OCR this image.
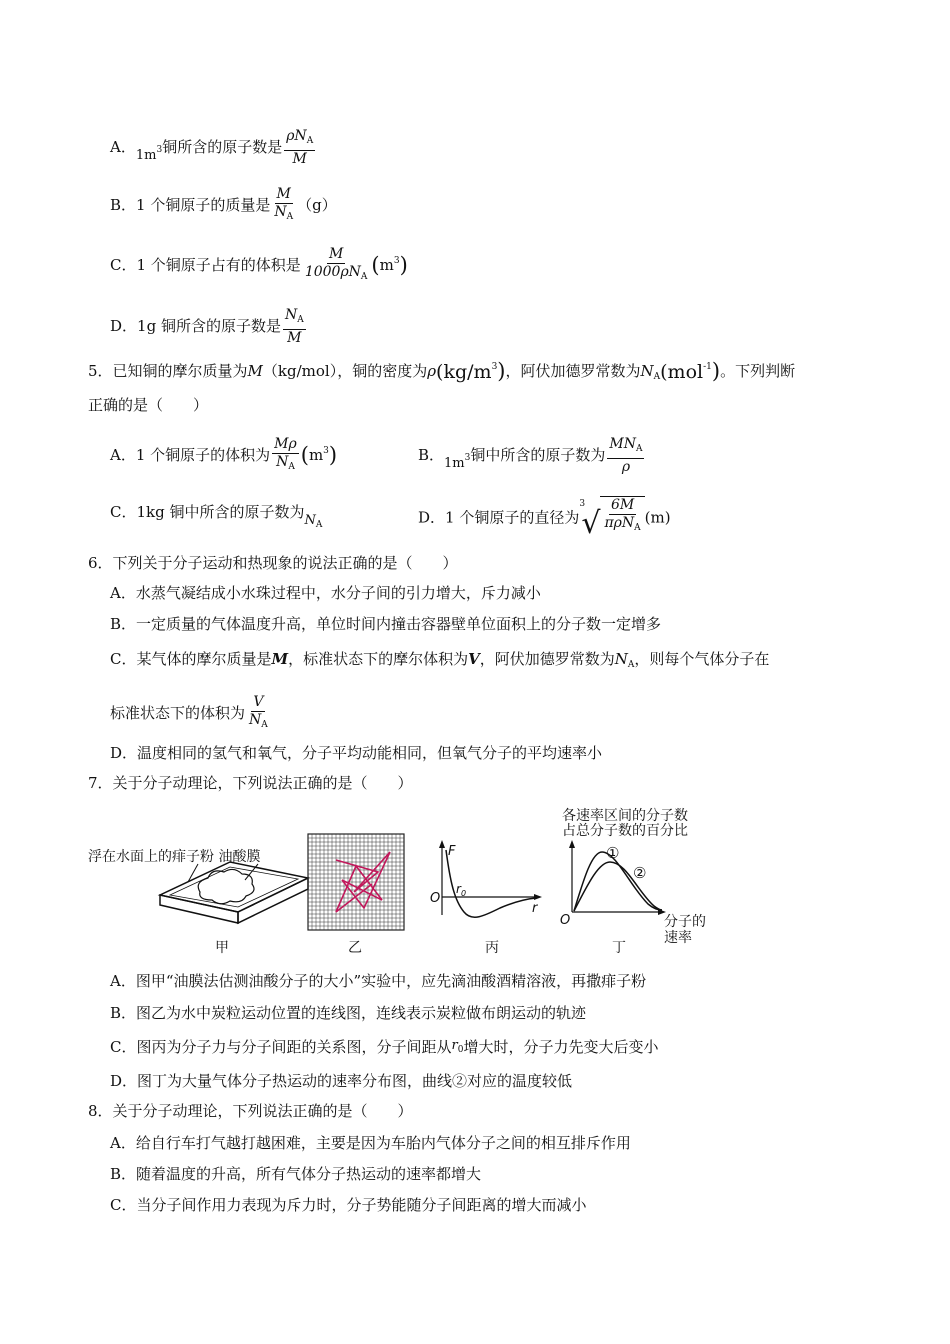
A．$1m^3$铜所含的原子数是 $\frac{\rho N_A}{M}$
B．1 个铜原子的质量是 $\frac{M}{N_A} (g)$
C．1 个铜原子占有的体积是 $\frac{M}{1000\rho N_A} (m^3)$
D．1g 铜所含的原子数是 $\frac{N_A}{M}$
5．已知铜的摩尔质量为M（kg/mol），铜的密度为$\rho(kg/m^3)$，阿伏加德罗常数为$N_A(mol^{-1})$。下列判断
正确的是（　　）
A．1 个铜原子的体积为 $\frac{M\rho}{N_A} (m^3)$	B．$1m^3$铜中所含的原子数为 $\frac{MN_A}{\rho}$
C．1kg 铜中所含的原子数为$N_A$	D．1 个铜原子的直径为
3
√ $\frac{6M}{\pi\rho N_A} (m)$
6．下列关于分子运动和热现象的说法正确的是（　　）
A．水蒸气凝结成小水珠过程中，水分子间的引力增大，斥力减小
B．一定质量的气体温度升高，单位时间内撞击容器壁单位面积上的分子数一定增多
C．某气体的摩尔质量是M，标准状态下的摩尔体积为V，阿伏加德罗常数为$N_A$，则每个气体分子在
标准状态下的体积为 $\frac{V}{N_A}$
D．温度相同的氢气和氧气，分子平均动能相同，但氧气分子的平均速率小
7．关于分子动理论，下列说法正确的是（　　）
浮在水面上的痱子粉 油酸膜
甲	乙
F
O
$r_0$
r
丙
各速率区间的分子数
占总分子数的百分比
①
②
O	分子的
速率
丁
A．图甲“油膜法估测油酸分子的大小”实验中，应先滴油酸酒精溶液，再撒痱子粉
B．图乙为水中炭粒运动位置的连线图，连线表示炭粒做布朗运动的轨迹
C．图丙为分子力与分子间距的关系图，分子间距从$r_0$增大时，分子力先变大后变小
D．图丁为大量气体分子热运动的速率分布图，曲线②对应的温度较低
8．关于分子动理论，下列说法正确的是（　　）
A．给自行车打气越打越困难，主要是因为车胎内气体分子之间的相互排斥作用
B．随着温度的升高，所有气体分子热运动的速率都增大
C．当分子间作用力表现为斥力时，分子势能随分子间距离的增大而减小
